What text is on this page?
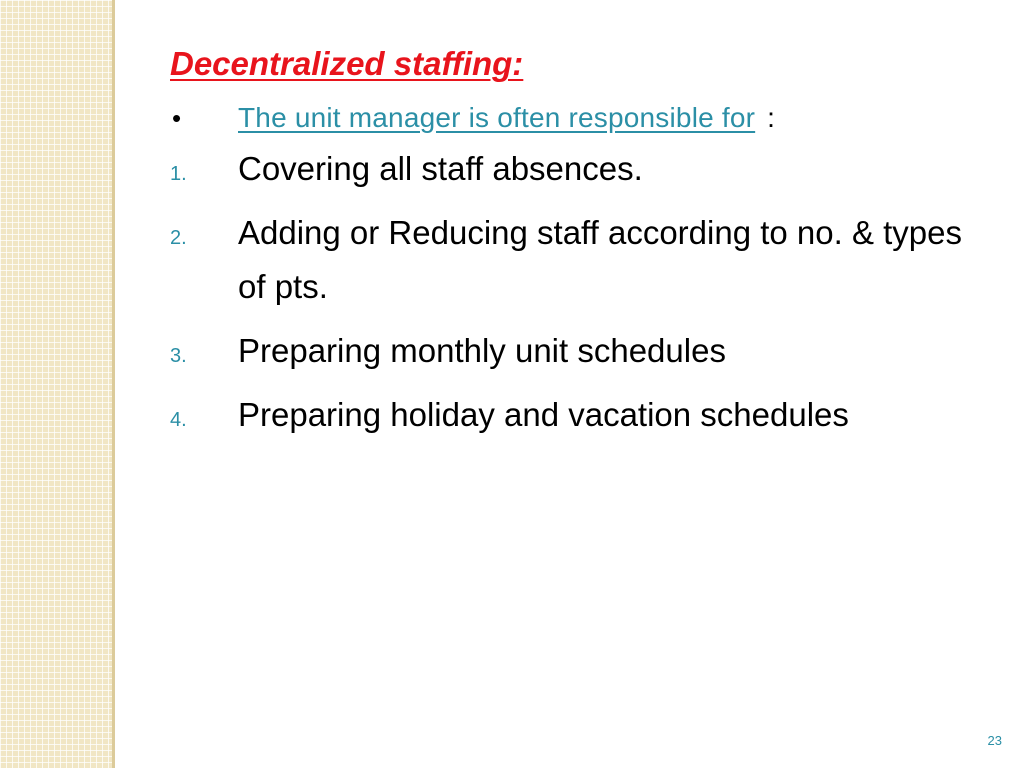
Decentralized staffing:
•	The unit manager is often responsible for :
1.	Covering all staff absences.
2.	Adding or Reducing staff according to no. & types of pts.
3.	Preparing monthly unit schedules
4.	Preparing holiday and vacation schedules
23
